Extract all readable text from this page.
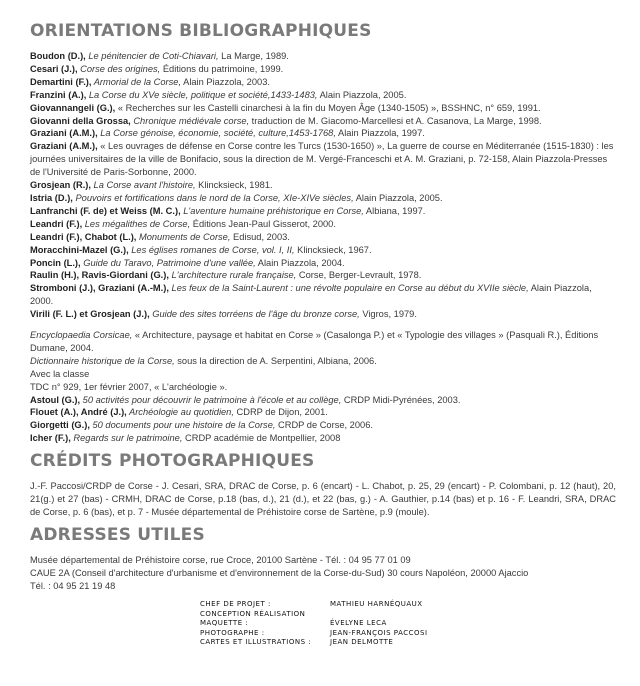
ORIENTATIONS BIBLIOGRAPHIQUES

Boudon (D.), Le pénitencier de Coti-Chiavari, La Marge, 1989.

Cesari (J.), Corse des origines, Éditions du patrimoine, 1999.

Demartini (F.), Armorial de la Corse, Alain Piazzola, 2003.

Franzini (A.), La Corse du XVe siècle, politique et société,1433-1483, Alain Piazzola, 2005.

Giovannangeli (G.), « Recherches sur les Castelli cinarchesi à la fin du Moyen Âge (1340-1505) », BSSHNC, n° 659, 1991.

Giovanni della Grossa, Chronique médiévale corse, traduction de M. Giacomo-Marcellesi et A. Casanova, La Marge, 1998.

Graziani (A.M.), La Corse génoise, économie, société, culture,1453-1768, Alain Piazzola, 1997.

Graziani (A.M.), « Les ouvrages de défense en Corse contre les Turcs (1530-1650) », La guerre de course en Méditerranée (1515-1830) : les journées universitaires de la ville de Bonifacio, sous la direction de M. Vergé-Franceschi et A. M. Graziani, p. 72-158, Alain Piazzola-Presses de l'Université de Paris-Sorbonne, 2000.

Grosjean (R.), La Corse avant l'histoire, Klincksieck, 1981.

Istria (D.), Pouvoirs et fortifications dans le nord de la Corse, XIe-XIVe siècles, Alain Piazzola, 2005.

Lanfranchi (F. de) et Weiss (M. C.), L'aventure humaine préhistorique en Corse, Albiana, 1997.

Leandri (F.), Les mégalithes de Corse, Éditions Jean-Paul Gisserot, 2000.

Leandri (F.), Chabot (L.), Monuments de Corse, Edisud, 2003.

Moracchini-Mazel (G.), Les églises romanes de Corse, vol. I, II, Klincksieck, 1967.

Poncin (L.), Guide du Taravo, Patrimoine d'une vallée, Alain Piazzola, 2004.

Raulin (H.), Ravis-Giordani (G.), L'architecture rurale française, Corse, Berger-Levrault, 1978.

Stromboni (J.), Graziani (A.-M.), Les feux de la Saint-Laurent : une révolte populaire en Corse au début du XVIIe siècle, Alain Piazzola, 2000.

Virili (F. L.) et Grosjean (J.), Guide des sites torréens de l'âge du bronze corse, Vigros, 1979.

Encyclopaedia Corsicae, « Architecture, paysage et habitat en Corse » (Casalonga P.) et « Typologie des villages » (Pasquali R.), Éditions Dumane, 2004.

Dictionnaire historique de la Corse, sous la direction de A. Serpentini, Albiana, 2006.

Avec la classe

TDC n° 929, 1er février 2007, « L'archéologie ».

Astoul (G.), 50 activités pour découvrir le patrimoine à l'école et au collège, CRDP Midi-Pyrénées, 2003.

Flouet (A.), André (J.), Archéologie au quotidien, CDRP de Dijon, 2001.

Giorgetti (G.), 50 documents pour une histoire de la Corse, CRDP de Corse, 2006.

Icher (F.), Regards sur le patrimoine, CRDP académie de Montpellier, 2008

CRÉDITS PHOTOGRAPHIQUES

J.-F. Paccosi/CRDP de Corse - J. Cesari, SRA, DRAC de Corse, p. 6 (encart) - L. Chabot, p. 25, 29 (encart) - P. Colombani, p. 12 (haut), 20, 21(g.) et 27 (bas) - CRMH, DRAC de Corse, p.18 (bas, d.), 21 (d.), et 22 (bas, g.) - A. Gauthier, p.14 (bas) et p. 16 - F. Leandri, SRA, DRAC de Corse, p. 6 (bas), et p. 7 - Musée départemental de Préhistoire corse de Sartène, p.9 (moule).

ADRESSES UTILES

Musée départemental de Préhistoire corse, rue Croce, 20100 Sartène - Tél. : 04 95 77 01 09

CAUE 2A (Conseil d'architecture d'urbanisme et d'environnement de la Corse-du-Sud) 30 cours Napoléon, 20000 Ajaccio

Tél. : 04 95 21 19 48

CHEF DE PROJET :	MATHIEU HARNÉQUAUX
CONCEPTION RÉALISATION
MAQUETTE :	ÉVELYNE LECA
PHOTOGRAPHE :	JEAN-FRANÇOIS PACCOSI
CARTES ET ILLUSTRATIONS :	JEAN DELMOTTE
